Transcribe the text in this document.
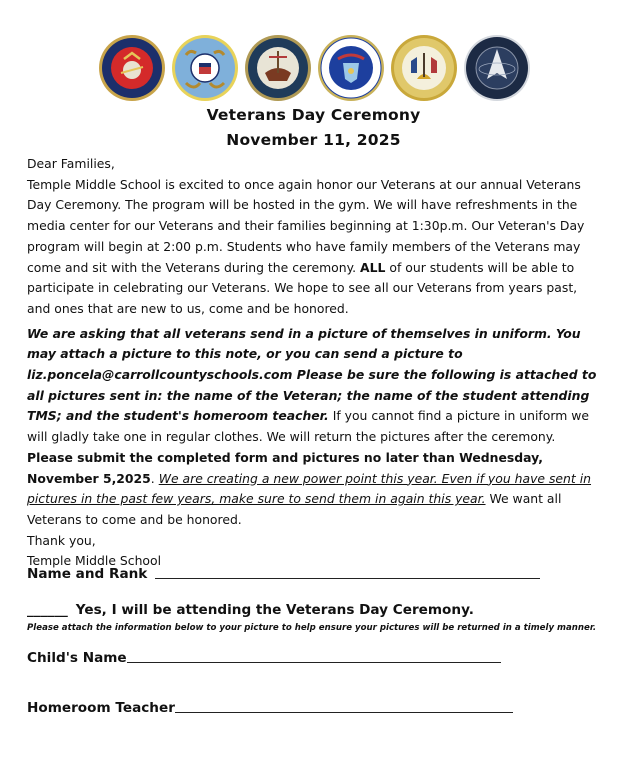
Veterans Day Ceremony
November 11, 2025

Dear Families,

Temple Middle School is excited to once again honor our Veterans at our annual Veterans Day Ceremony. The program will be hosted in the gym. We will have refreshments in the media center for our Veterans and their families beginning at 1:30p.m. Our Veteran's Day program will begin at 2:00 p.m. Students who have family members of the Veterans may come and sit with the Veterans during the ceremony. ALL of our students will be able to participate in celebrating our Veterans. We hope to see all our Veterans from years past, and ones that are new to us, come and be honored.

We are asking that all veterans send in a picture of themselves in uniform. You may attach a picture to this note, or you can send a picture to liz.poncela@carrollcountyschools.com Please be sure the following is attached to all pictures sent in: the name of the Veteran; the name of the student attending TMS; and the student's homeroom teacher. If you cannot find a picture in uniform we will gladly take one in regular clothes. We will return the pictures after the ceremony. Please submit the completed form and pictures no later than Wednesday, November 5,2025. We are creating a new power point this year. Even if you have sent in pictures in the past few years, make sure to send them in again this year. We want all Veterans to come and be honored.

Thank you,

Temple Middle School

Name and Rank
______ Yes, I will be attending the Veterans Day Ceremony.
Please attach the information below to your picture to help ensure your pictures will be returned in a timely manner.
Child's Name
Homeroom Teacher
